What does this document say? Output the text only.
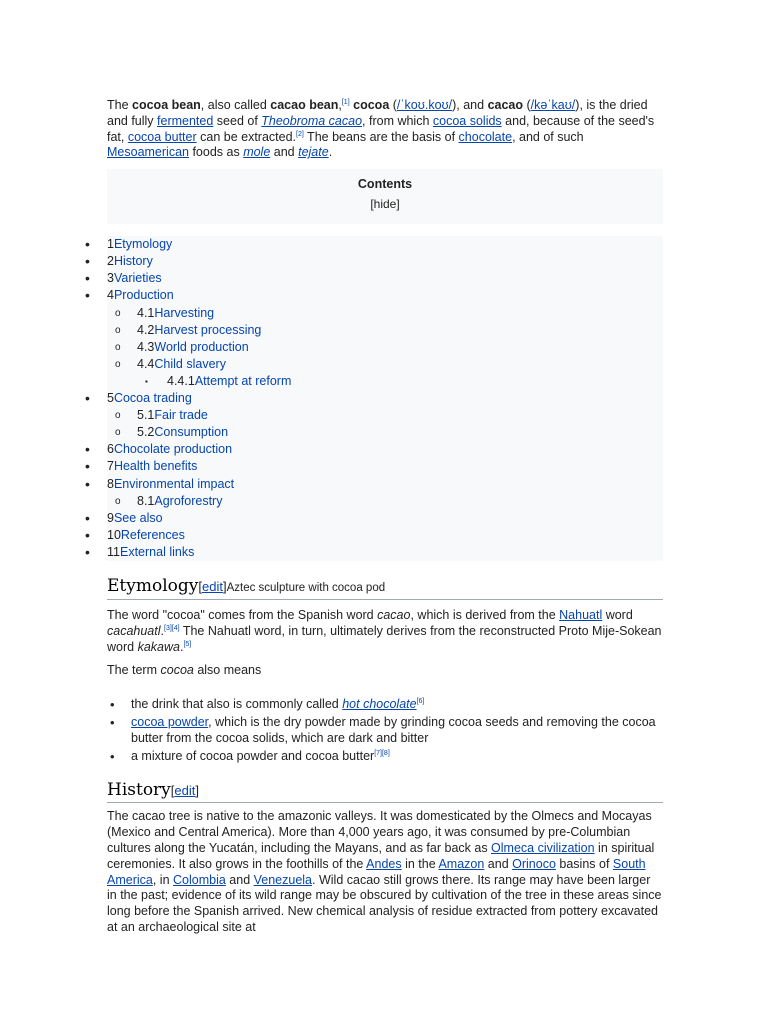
The cocoa bean, also called cacao bean,[1] cocoa (/ˈkoʊ.koʊ/), and cacao (/kəˈkaʊ/), is the dried and fully fermented seed of Theobroma cacao, from which cocoa solids and, because of the seed's fat, cocoa butter can be extracted.[2] The beans are the basis of chocolate, and of such Mesoamerican foods as mole and tejate.

Contents
[hide]
• 1Etymology
• 2History
• 3Varieties
• 4Production
o 4.1Harvesting
o 4.2Harvest processing
o 4.3World production
o 4.4Child slavery
▪ 4.4.1Attempt at reform
• 5Cocoa trading
o 5.1Fair trade
o 5.2Consumption
• 6Chocolate production
• 7Health benefits
• 8Environmental impact
o 8.1Agroforestry
• 9See also
• 10References
• 11External links
Etymology[edit]Aztec sculpture with cocoa pod

The word "cocoa" comes from the Spanish word cacao, which is derived from the Nahuatl word cacahuatl.[3][4] The Nahuatl word, in turn, ultimately derives from the reconstructed Proto Mije-Sokean word kakawa.[5]

The term cocoa also means

• the drink that also is commonly called hot chocolate[6]
• cocoa powder, which is the dry powder made by grinding cocoa seeds and removing the cocoa butter from the cocoa solids, which are dark and bitter
• a mixture of cocoa powder and cocoa butter[7][8]
History[edit]

The cacao tree is native to the amazonic valleys. It was domesticated by the Olmecs and Mocayas (Mexico and Central America). More than 4,000 years ago, it was consumed by pre-Columbian cultures along the Yucatán, including the Mayans, and as far back as Olmeca civilization in spiritual ceremonies. It also grows in the foothills of the Andes in the Amazon and Orinoco basins of South America, in Colombia and Venezuela. Wild cacao still grows there. Its range may have been larger in the past; evidence of its wild range may be obscured by cultivation of the tree in these areas since long before the Spanish arrived. New chemical analysis of residue extracted from pottery excavated at an archaeological site at
